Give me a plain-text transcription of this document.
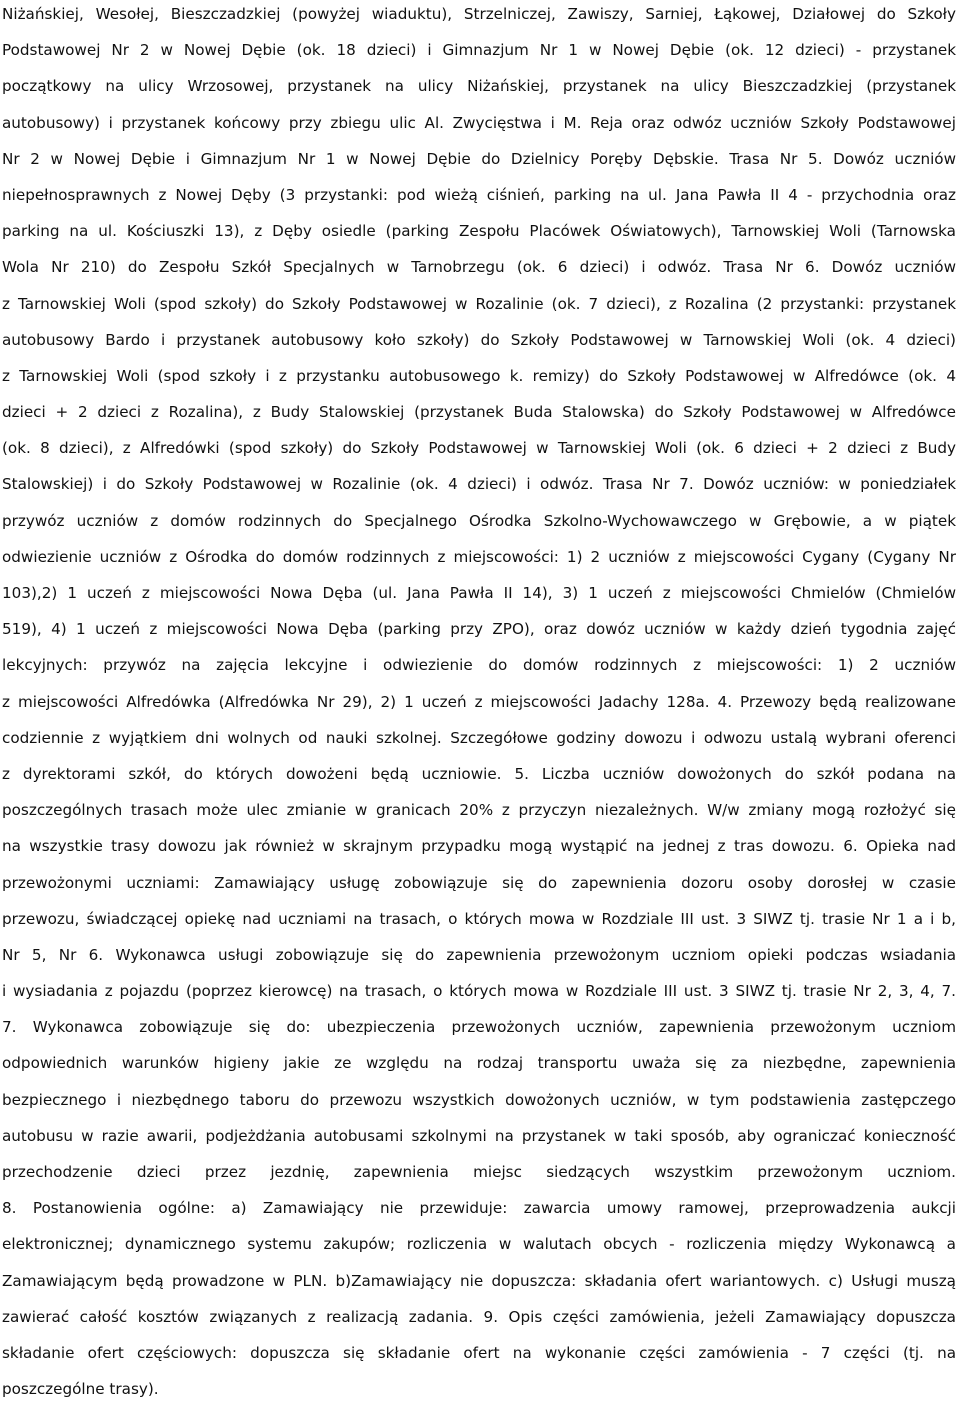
Niżańskiej, Wesołej, Bieszczadzkiej (powyżej wiaduktu), Strzelniczej, Zawiszy, Sarniej, Łąkowej, Działowej do Szkoły
Podstawowej Nr 2 w Nowej Dębie (ok. 18 dzieci) i Gimnazjum Nr 1 w Nowej Dębie (ok. 12 dzieci) - przystanek
początkowy na ulicy Wrzosowej, przystanek na ulicy Niżańskiej, przystanek na ulicy Bieszczadzkiej (przystanek
autobusowy) i przystanek końcowy przy zbiegu ulic Al. Zwycięstwa i M. Reja oraz odwóz uczniów Szkoły Podstawowej
Nr 2 w Nowej Dębie i Gimnazjum Nr 1 w Nowej Dębie do Dzielnicy Poręby Dębskie. Trasa Nr 5. Dowóz uczniów
niepełnosprawnych z Nowej Dęby (3 przystanki: pod wieżą ciśnień, parking na ul. Jana Pawła II 4 - przychodnia oraz
parking na ul. Kościuszki 13), z Dęby osiedle (parking Zespołu Placówek Oświatowych), Tarnowskiej Woli (Tarnowska
Wola Nr 210) do Zespołu Szkół Specjalnych w Tarnobrzegu (ok. 6 dzieci) i odwóz. Trasa Nr 6. Dowóz uczniów
z Tarnowskiej Woli (spod szkoły) do Szkoły Podstawowej w Rozalinie (ok. 7 dzieci), z Rozalina (2 przystanki: przystanek
autobusowy Bardo i przystanek autobusowy koło szkoły) do Szkoły Podstawowej w Tarnowskiej Woli (ok. 4 dzieci)
z Tarnowskiej Woli (spod szkoły i z przystanku autobusowego k. remizy) do Szkoły Podstawowej w Alfredówce (ok. 4
dzieci + 2 dzieci z Rozalina), z Budy Stalowskiej (przystanek Buda Stalowska) do Szkoły Podstawowej w Alfredówce
(ok. 8 dzieci), z Alfredówki (spod szkoły) do Szkoły Podstawowej w Tarnowskiej Woli (ok. 6 dzieci + 2 dzieci z Budy
Stalowskiej) i do Szkoły Podstawowej w Rozalinie (ok. 4 dzieci) i odwóz. Trasa Nr 7. Dowóz uczniów: w poniedziałek
przywóz uczniów z domów rodzinnych do Specjalnego Ośrodka Szkolno-Wychowawczego w Grębowie, a w piątek
odwiezienie uczniów z Ośrodka do domów rodzinnych z miejscowości: 1) 2 uczniów z miejscowości Cygany (Cygany Nr
103),2) 1 uczeń z miejscowości Nowa Dęba (ul. Jana Pawła II 14), 3) 1 uczeń z miejscowości Chmielów (Chmielów
519), 4) 1 uczeń z miejscowości Nowa Dęba (parking przy ZPO), oraz dowóz uczniów w każdy dzień tygodnia zajęć
lekcyjnych: przywóz na zajęcia lekcyjne i odwiezienie do domów rodzinnych z miejscowości: 1) 2 uczniów
z miejscowości Alfredówka (Alfredówka Nr 29), 2) 1 uczeń z miejscowości Jadachy 128a. 4. Przewozy będą realizowane
codziennie z wyjątkiem dni wolnych od nauki szkolnej. Szczegółowe godziny dowozu i odwozu ustalą wybrani oferenci
z dyrektorami szkół, do których dowożeni będą uczniowie. 5. Liczba uczniów dowożonych do szkół podana na
poszczególnych trasach może ulec zmianie w granicach 20% z przyczyn niezależnych. W/w zmiany mogą rozłożyć się
na wszystkie trasy dowozu jak również w skrajnym przypadku mogą wystąpić na jednej z tras dowozu. 6. Opieka nad
przewożonymi uczniami: Zamawiający usługę zobowiązuje się do zapewnienia dozoru osoby dorosłej w czasie
przewozu, świadczącej opiekę nad uczniami na trasach, o których mowa w Rozdziale III ust. 3 SIWZ tj. trasie Nr 1 a i b,
Nr 5, Nr 6. Wykonawca usługi zobowiązuje się do zapewnienia przewożonym uczniom opieki podczas wsiadania
i wysiadania z pojazdu (poprzez kierowcę) na trasach, o których mowa w Rozdziale III ust. 3 SIWZ tj. trasie Nr 2, 3, 4, 7.
7. Wykonawca zobowiązuje się do: ubezpieczenia przewożonych uczniów, zapewnienia przewożonym uczniom
odpowiednich warunków higieny jakie ze względu na rodzaj transportu uważa się za niezbędne, zapewnienia
bezpiecznego i niezbędnego taboru do przewozu wszystkich dowożonych uczniów, w tym podstawienia zastępczego
autobusu w razie awarii, podjeżdżania autobusami szkolnymi na przystanek w taki sposób, aby ograniczać konieczność
przechodzenie dzieci przez jezdnię, zapewnienia miejsc siedzących wszystkim przewożonym uczniom.
8. Postanowienia ogólne: a) Zamawiający nie przewiduje: zawarcia umowy ramowej, przeprowadzenia aukcji
elektronicznej; dynamicznego systemu zakupów; rozliczenia w walutach obcych - rozliczenia między Wykonawcą a
Zamawiającym będą prowadzone w PLN. b)Zamawiający nie dopuszcza: składania ofert wariantowych. c) Usługi muszą
zawierać całość kosztów związanych z realizacją zadania. 9. Opis części zamówienia, jeżeli Zamawiający dopuszcza
składanie ofert częściowych: dopuszcza się składanie ofert na wykonanie części zamówienia - 7 części (tj. na
poszczególne trasy).
